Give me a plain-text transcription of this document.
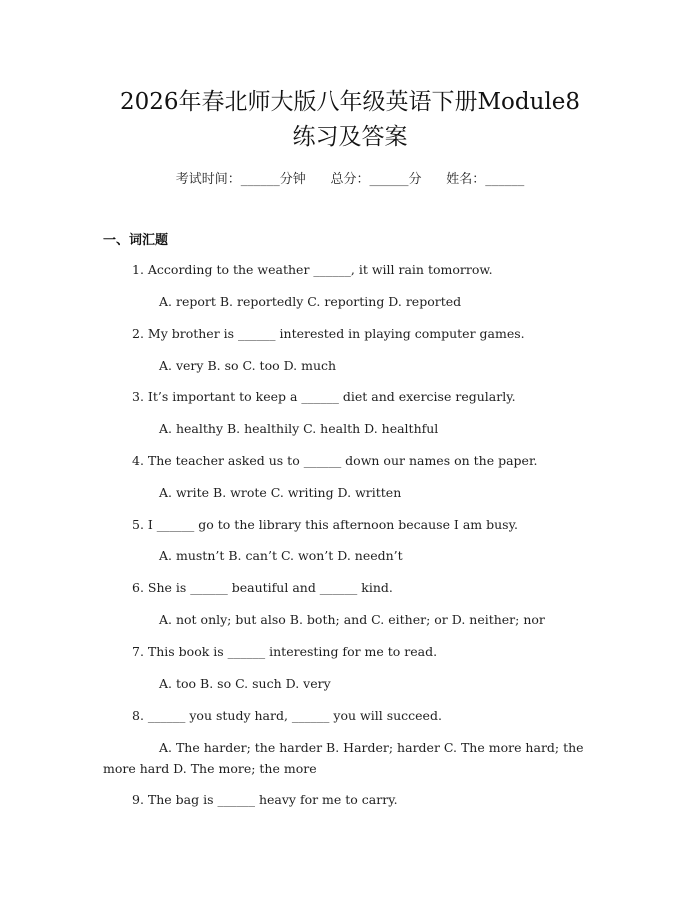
2026年春北师大版八年级英语下册Module8
练习及答案
考试时间：______分钟      总分：______分      姓名：______
一、词汇题
1. According to the weather ______, it will rain tomorrow.
A. report B. reportedly C. reporting D. reported
2. My brother is ______ interested in playing computer games.
A. very B. so C. too D. much
3. It’s important to keep a ______ diet and exercise regularly.
A. healthy B. healthily C. health D. healthful
4. The teacher asked us to ______ down our names on the paper.
A. write B. wrote C. writing D. written
5. I ______ go to the library this afternoon because I am busy.
A. mustn’t B. can’t C. won’t D. needn’t
6. She is ______ beautiful and ______ kind.
A. not only; but also B. both; and C. either; or D. neither; nor
7. This book is ______ interesting for me to read.
A. too B. so C. such D. very
8. ______ you study hard, ______ you will succeed.
A. The harder; the harder B. Harder; harder C. The more hard; the more hard D. The more; the more
9. The bag is ______ heavy for me to carry.
